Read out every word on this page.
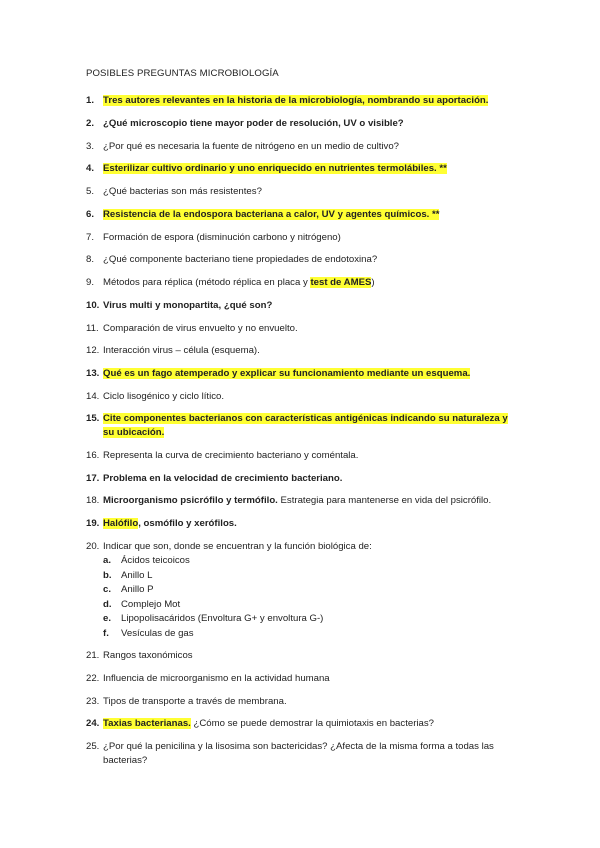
POSIBLES PREGUNTAS MICROBIOLOGÍA
1. Tres autores relevantes en la historia de la microbiología, nombrando su aportación.
2. ¿Qué microscopio tiene mayor poder de resolución, UV o visible?
3. ¿Por qué es necesaria la fuente de nitrógeno en un medio de cultivo?
4. Esterilizar cultivo ordinario y uno enriquecido en nutrientes termolábiles. **
5. ¿Qué bacterias son más resistentes?
6. Resistencia de la endospora bacteriana a calor, UV y agentes químicos. **
7. Formación de espora (disminución carbono y nitrógeno)
8. ¿Qué componente bacteriano tiene propiedades de endotoxina?
9. Métodos para réplica (método réplica en placa y test de AMES)
10. Virus multi y monopartita, ¿qué son?
11. Comparación de virus envuelto y no envuelto.
12. Interacción virus – célula (esquema).
13. Qué es un fago atemperado y explicar su funcionamiento mediante un esquema.
14. Ciclo lisogénico y ciclo lítico.
15. Cite componentes bacterianos con características antigénicas indicando su naturaleza y
su ubicación.
16. Representa la curva de crecimiento bacteriano y coméntala.
17. Problema en la velocidad de crecimiento bacteriano.
18. Microorganismo psicrófilo y termófilo. Estrategia para mantenerse en vida del psicrófilo.
19. Halófilo, osmófilo y xerófilos.
20. Indicar que son, donde se encuentran y la función biológica de:
a. Ácidos teicoicos
b. Anillo L
c. Anillo P
d. Complejo Mot
e. Lipopolisacáridos (Envoltura G+ y envoltura G-)
f. Vesículas de gas
21. Rangos taxonómicos
22. Influencia de microorganismo en la actividad humana
23. Tipos de transporte a través de membrana.
24. Taxias bacterianas. ¿Cómo se puede demostrar la quimiotaxis en bacterias?
25. ¿Por qué la penicilina y la lisosima son bactericidas? ¿Afecta de la misma forma a todas las
bacterias?
